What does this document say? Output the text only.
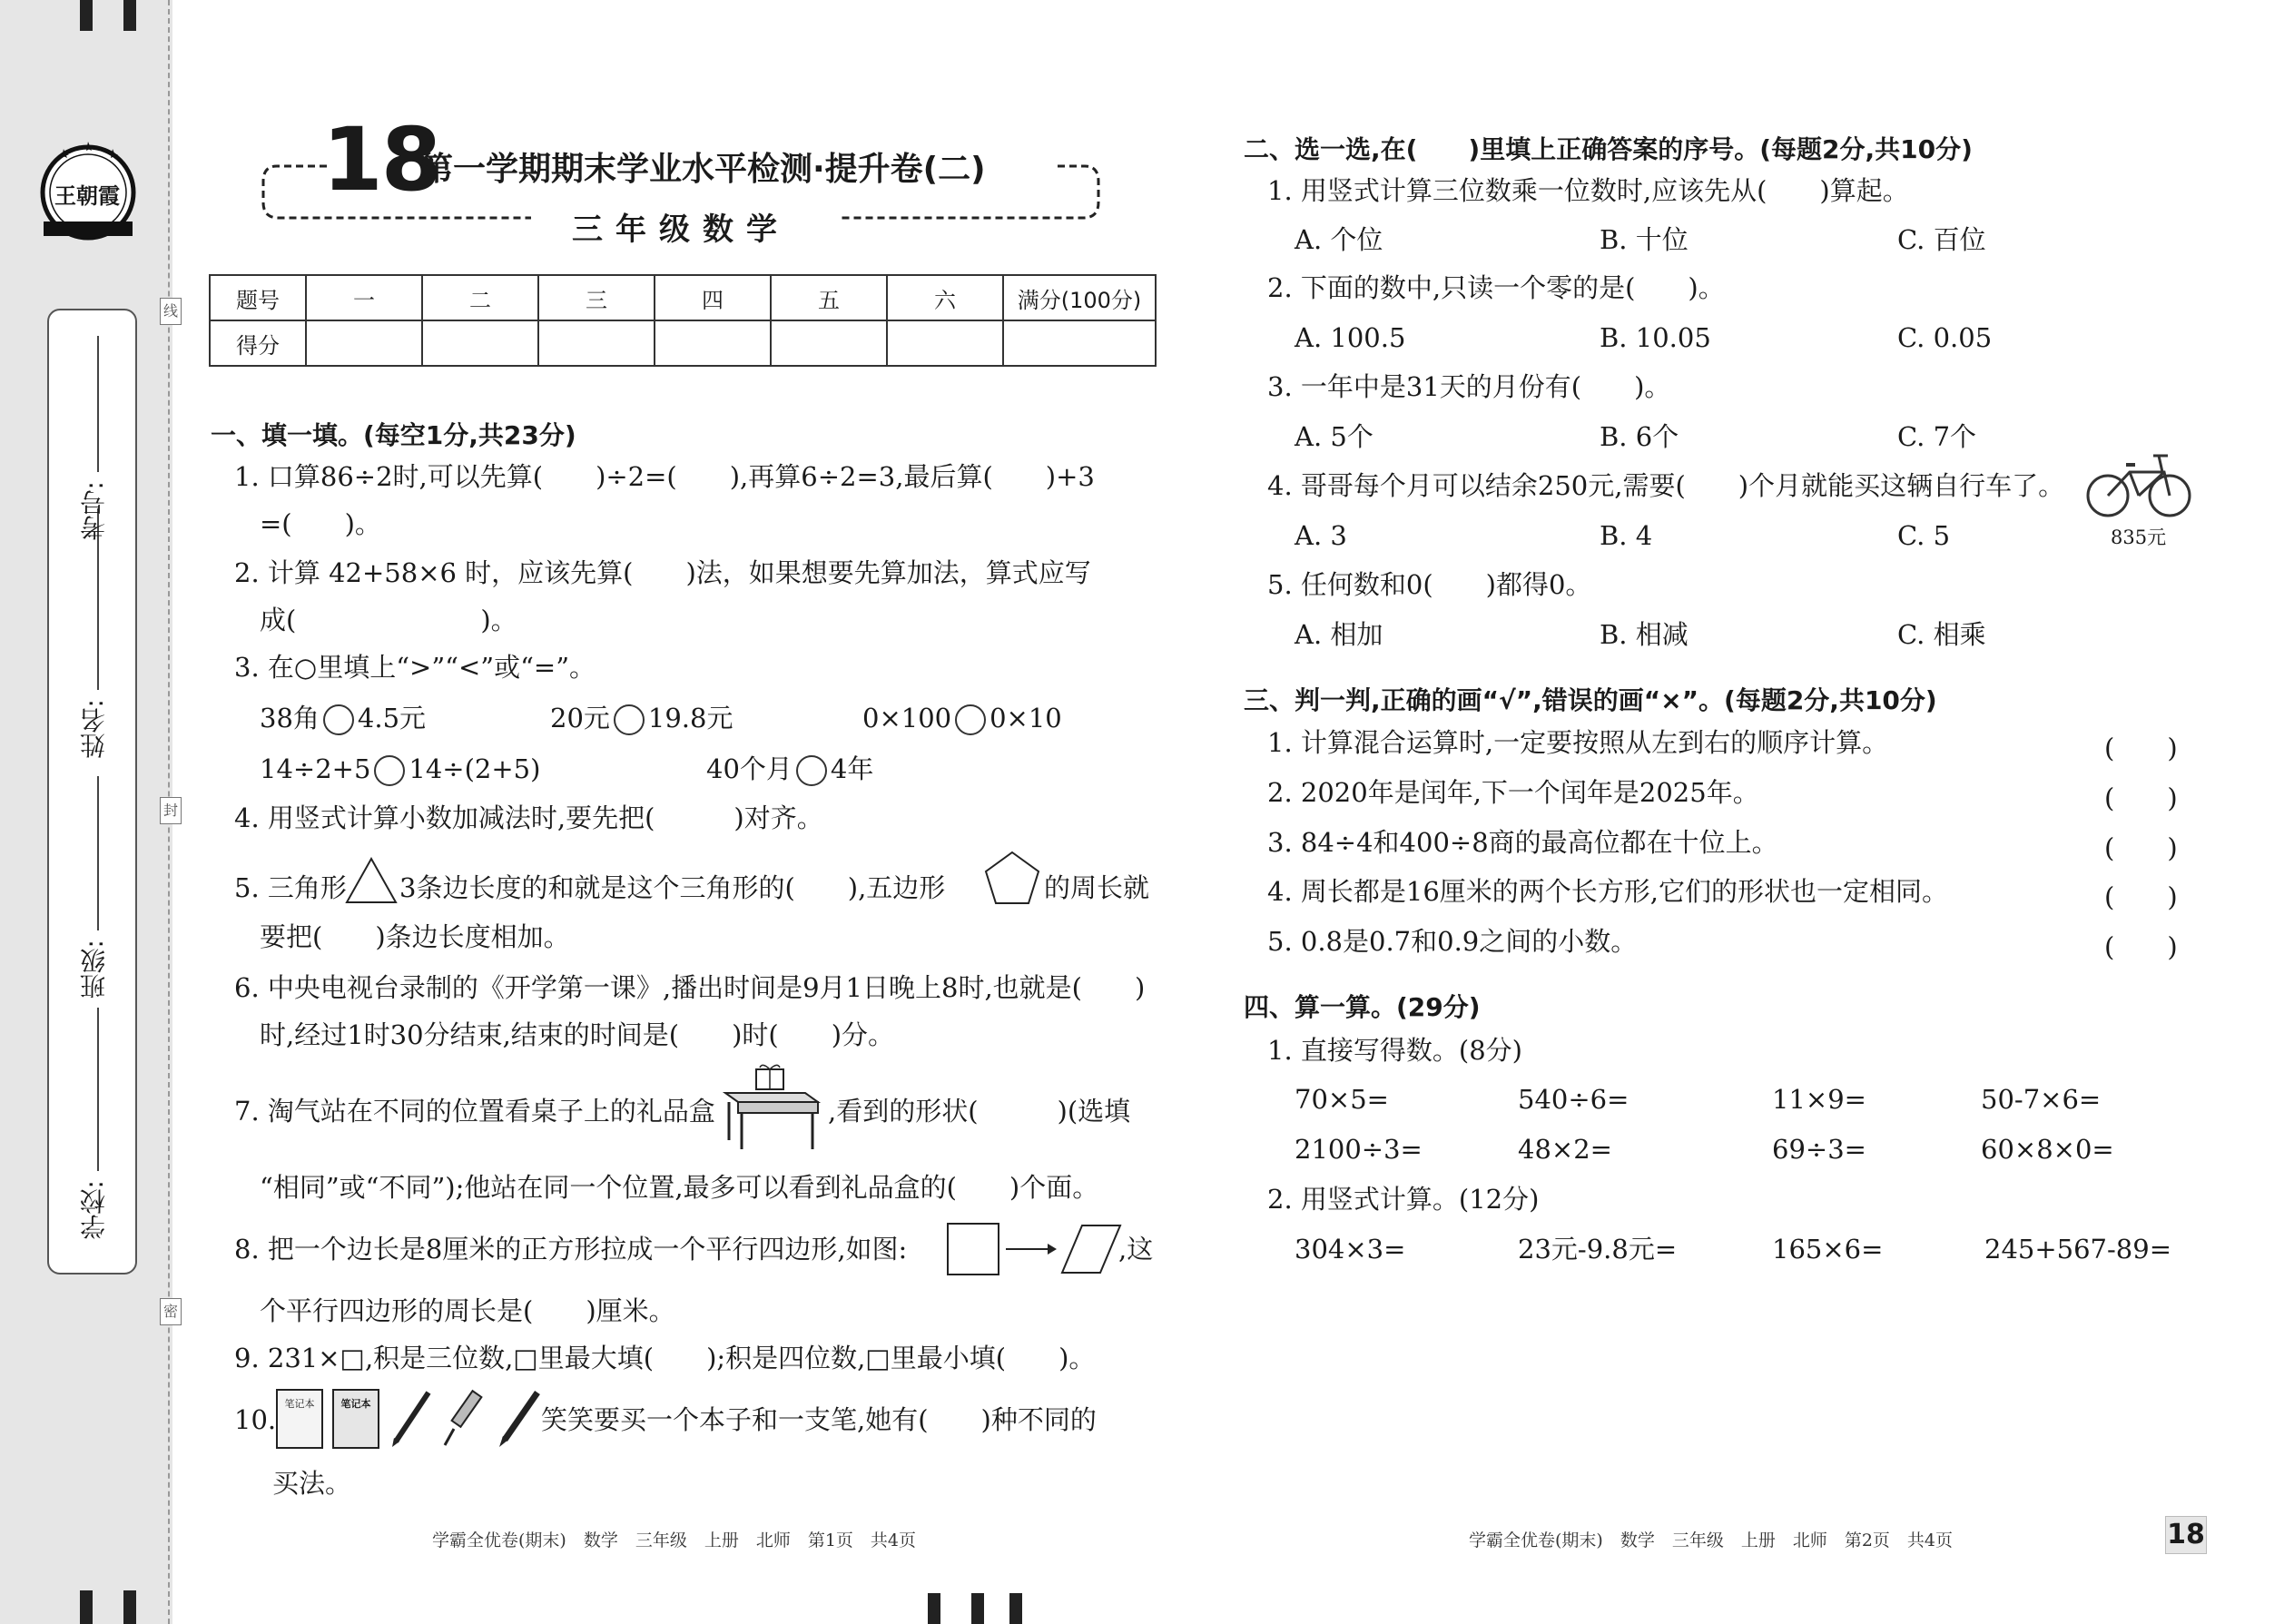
王朝霞
学校:
班级:
姓名:
考号:
线
封
密
18
第一学期期末学业水平检测·提升卷(二)
三年级数学
题号	一	二	三	四	五	六	满分(100分)
得分							
一、填一填。(每空1分,共23分)
1. 口算86÷2时,可以先算(　　)÷2=(　　),再算6÷2=3,最后算(　　)+3
=(　　)。
2. 计算 42+58×6 时，应该先算(　　)法，如果想要先算加法，算式应写
成(　　　　　　　)。
3. 在○里填上“>”“<”或“=”。
38角 4.5元	20元 19.8元	0×100 0×10
14÷2+5 14÷(2+5)	40个月 4年
4. 用竖式计算小数加减法时,要先把(　　　)对齐。
5. 三角形 3条边长度的和就是这个三角形的(　　),五边形	的周长就
要把(　　)条边长度相加。
6. 中央电视台录制的《开学第一课》,播出时间是9月1日晚上8时,也就是(　　)
时,经过1时30分结束,结束的时间是(　　)时(　　)分。
7. 淘气站在不同的位置看桌子上的礼品盒	,看到的形状(　　　)(选填
“相同”或“不同”);他站在同一个位置,最多可以看到礼品盒的(　　)个面。
8. 把一个边长是8厘米的正方形拉成一个平行四边形,如图:	,这
个平行四边形的周长是(　　)厘米。
9. 231×□,积是三位数,□里最大填(　　);积是四位数,□里最小填(　　)。
10.
笔记本	笔记本
笑笑要买一个本子和一支笔,她有(　　)种不同的
买法。
学霸全优卷(期末)　数学　三年级　上册　北师　第1页　共4页
二、选一选,在(　　)里填上正确答案的序号。(每题2分,共10分)
1. 用竖式计算三位数乘一位数时,应该先从(　　)算起。
A. 个位	B. 十位	C. 百位
2. 下面的数中,只读一个零的是(　　)。
A. 100.5	B. 10.05	C. 0.05
3. 一年中是31天的月份有(　　)。
A. 5个	B. 6个	C. 7个
4. 哥哥每个月可以结余250元,需要(　　)个月就能买这辆自行车了。
A. 3	B. 4	C. 5	835元
5. 任何数和0(　　)都得0。
A. 相加	B. 相减	C. 相乘
三、判一判,正确的画“√”,错误的画“×”。(每题2分,共10分)
1. 计算混合运算时,一定要按照从左到右的顺序计算。	(　　)
2. 2020年是闰年,下一个闰年是2025年。	(　　)
3. 84÷4和400÷8商的最高位都在十位上。	(　　)
4. 周长都是16厘米的两个长方形,它们的形状也一定相同。	(　　)
5. 0.8是0.7和0.9之间的小数。	(　　)
四、算一算。(29分)
1. 直接写得数。(8分)
70×5=	540÷6=	11×9=	50-7×6=
2100÷3=	48×2=	69÷3=	60×8×0=
2. 用竖式计算。(12分)
304×3=	23元-9.8元=	165×6=	245+567-89=
学霸全优卷(期末)　数学　三年级　上册　北师　第2页　共4页	18
